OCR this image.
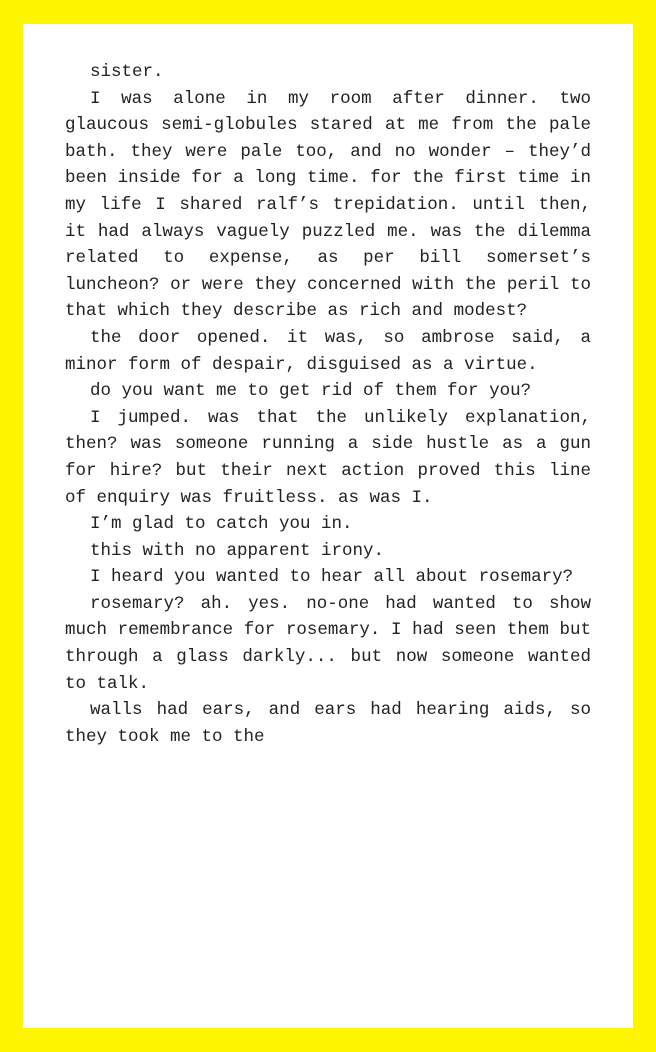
sister.

I was alone in my room after dinner. two glaucous semi-globules stared at me from the pale bath. they were pale too, and no wonder – they’d been inside for a long time. for the first time in my life I shared ralf’s trepidation. until then, it had always vaguely puzzled me. was the dilemma related to expense, as per bill somerset’s luncheon? or were they concerned with the peril to that which they describe as rich and modest?

the door opened. it was, so ambrose said, a minor form of despair, disguised as a virtue.

do you want me to get rid of them for you?

I jumped. was that the unlikely explanation, then? was someone running a side hustle as a gun for hire? but their next action proved this line of enquiry was fruitless. as was I.

I’m glad to catch you in.

this with no apparent irony.

I heard you wanted to hear all about rosemary?

rosemary? ah. yes. no-one had wanted to show much remembrance for rosemary. I had seen them but through a glass darkly... but now someone wanted to talk.

walls had ears, and ears had hearing aids, so they took me to the
